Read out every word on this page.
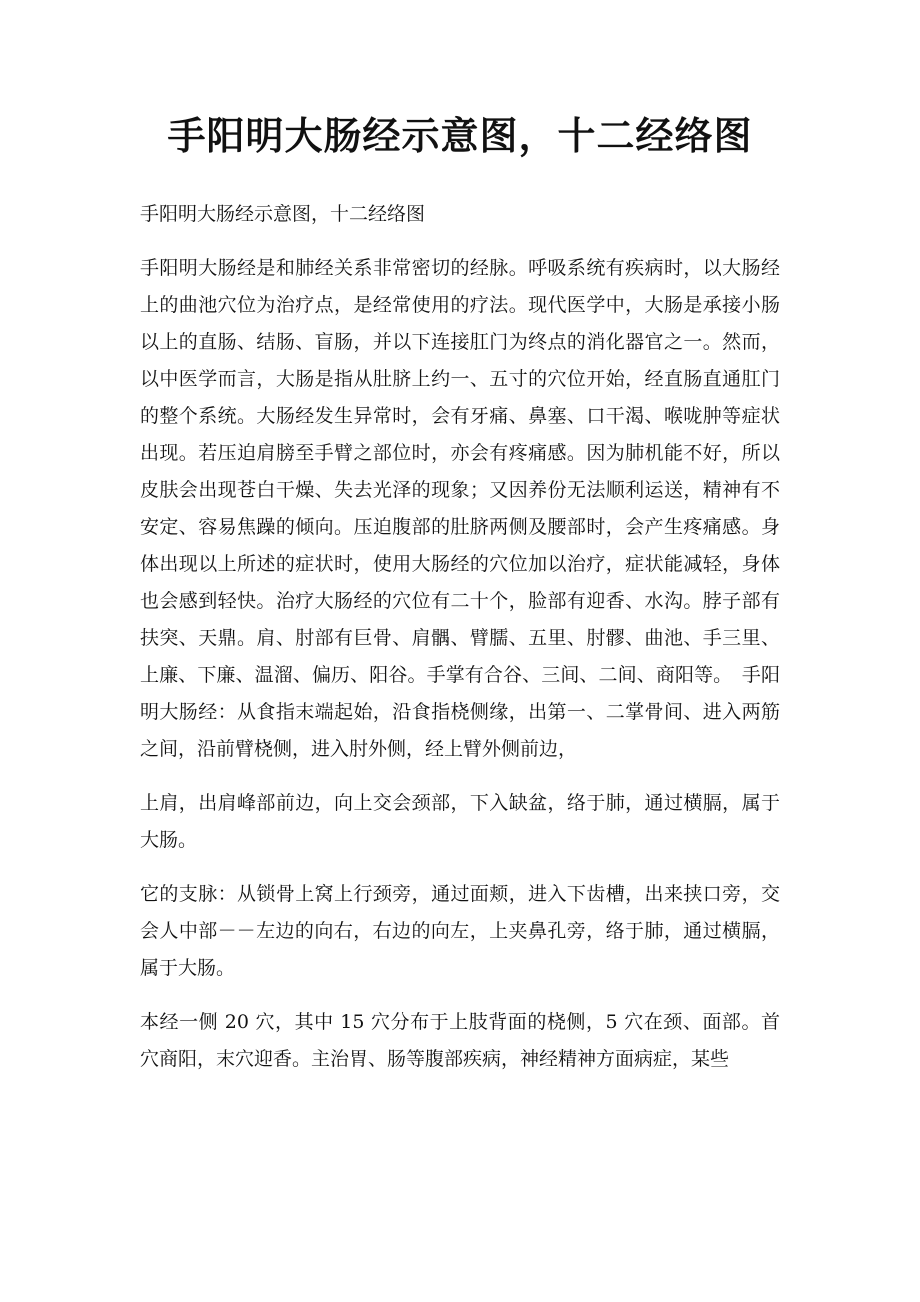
手阳明大肠经示意图，十二经络图

手阳明大肠经示意图，十二经络图

手阳明大肠经是和肺经关系非常密切的经脉。呼吸系统有疾病时，以大肠经上的曲池穴位为治疗点，是经常使用的疗法。现代医学中，大肠是承接小肠以上的直肠、结肠、盲肠，并以下连接肛门为终点的消化器官之一。然而，以中医学而言，大肠是指从肚脐上约一、五寸的穴位开始，经直肠直通肛门的整个系统。大肠经发生异常时，会有牙痛、鼻塞、口干渴、喉咙肿等症状出现。若压迫肩膀至手臂之部位时，亦会有疼痛感。因为肺机能不好，所以皮肤会出现苍白干燥、失去光泽的现象；又因养份无法顺利运送，精神有不安定、容易焦躁的倾向。压迫腹部的肚脐两侧及腰部时，会产生疼痛感。身体出现以上所述的症状时，使用大肠经的穴位加以治疗，症状能减轻，身体也会感到轻快。治疗大肠经的穴位有二十个，脸部有迎香、水沟。脖子部有扶突、天鼎。肩、肘部有巨骨、肩髃、臂臑、五里、肘髎、曲池、手三里、上廉、下廉、温溜、偏历、阳谷。手掌有合谷、三间、二间、商阳等。　手阳明大肠经：从食指末端起始，沿食指桡侧缘，出第一、二掌骨间、进入两筋之间，沿前臂桡侧，进入肘外侧，经上臂外侧前边，

上肩，出肩峰部前边，向上交会颈部，下入缺盆，络于肺，通过横膈，属于大肠。

它的支脉：从锁骨上窝上行颈旁，通过面颊，进入下齿槽，出来挟口旁，交会人中部－－左边的向右，右边的向左，上夹鼻孔旁，络于肺，通过横膈，属于大肠。

本经一侧 20 穴，其中 15 穴分布于上肢背面的桡侧，5 穴在颈、面部。首穴商阳，末穴迎香。主治胃、肠等腹部疾病，神经精神方面病症，某些
